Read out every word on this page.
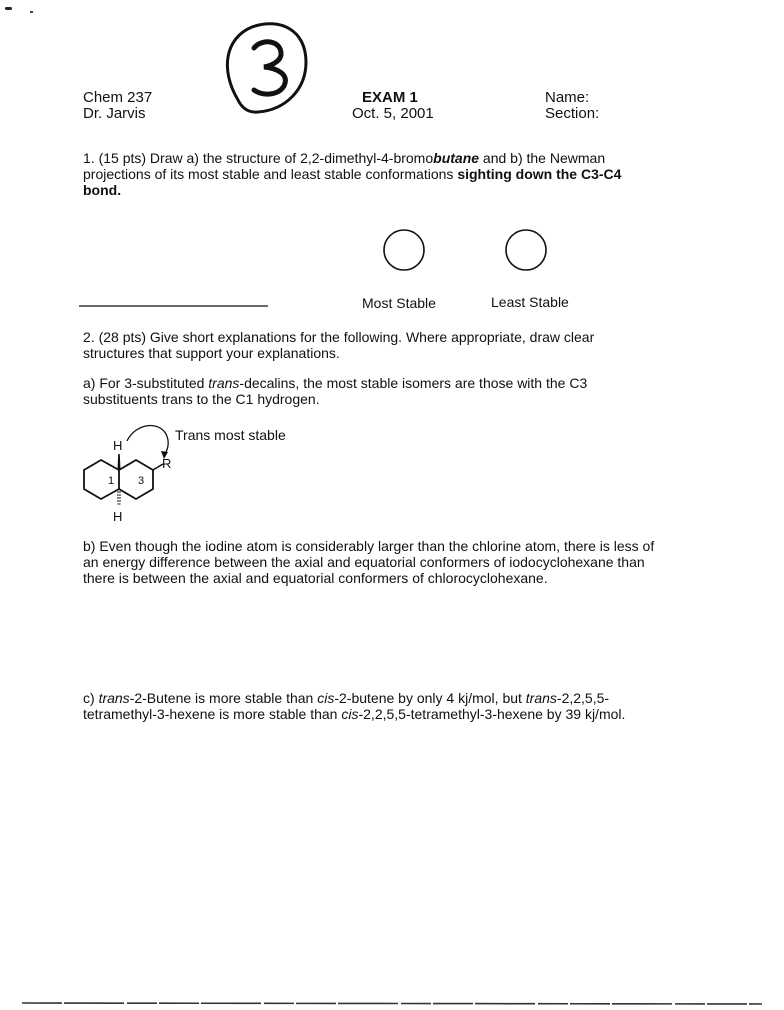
Chem 237
Dr. Jarvis
EXAM 1
Oct. 5, 2001
Name:
Section:
1. (15 pts) Draw a) the structure of 2,2-dimethyl-4-bromobutane and b) the Newman
projections of its most stable and least stable conformations sighting down the C3-C4
bond.
Most Stable	Least Stable
2. (28 pts) Give short explanations for the following. Where appropriate, draw clear
structures that support your explanations.
a) For 3-substituted trans-decalins, the most stable isomers are those with the C3
substituents trans to the C1 hydrogen.
H
H
R
1 3
Trans most stable
b) Even though the iodine atom is considerably larger than the chlorine atom, there is less of
an energy difference between the axial and equatorial conformers of iodocyclohexane than
there is between the axial and equatorial conformers of chlorocyclohexane.
c) trans-2-Butene is more stable than cis-2-butene by only 4 kj/mol, but trans-2,2,5,5-
tetramethyl-3-hexene is more stable than cis-2,2,5,5-tetramethyl-3-hexene by 39 kj/mol.
